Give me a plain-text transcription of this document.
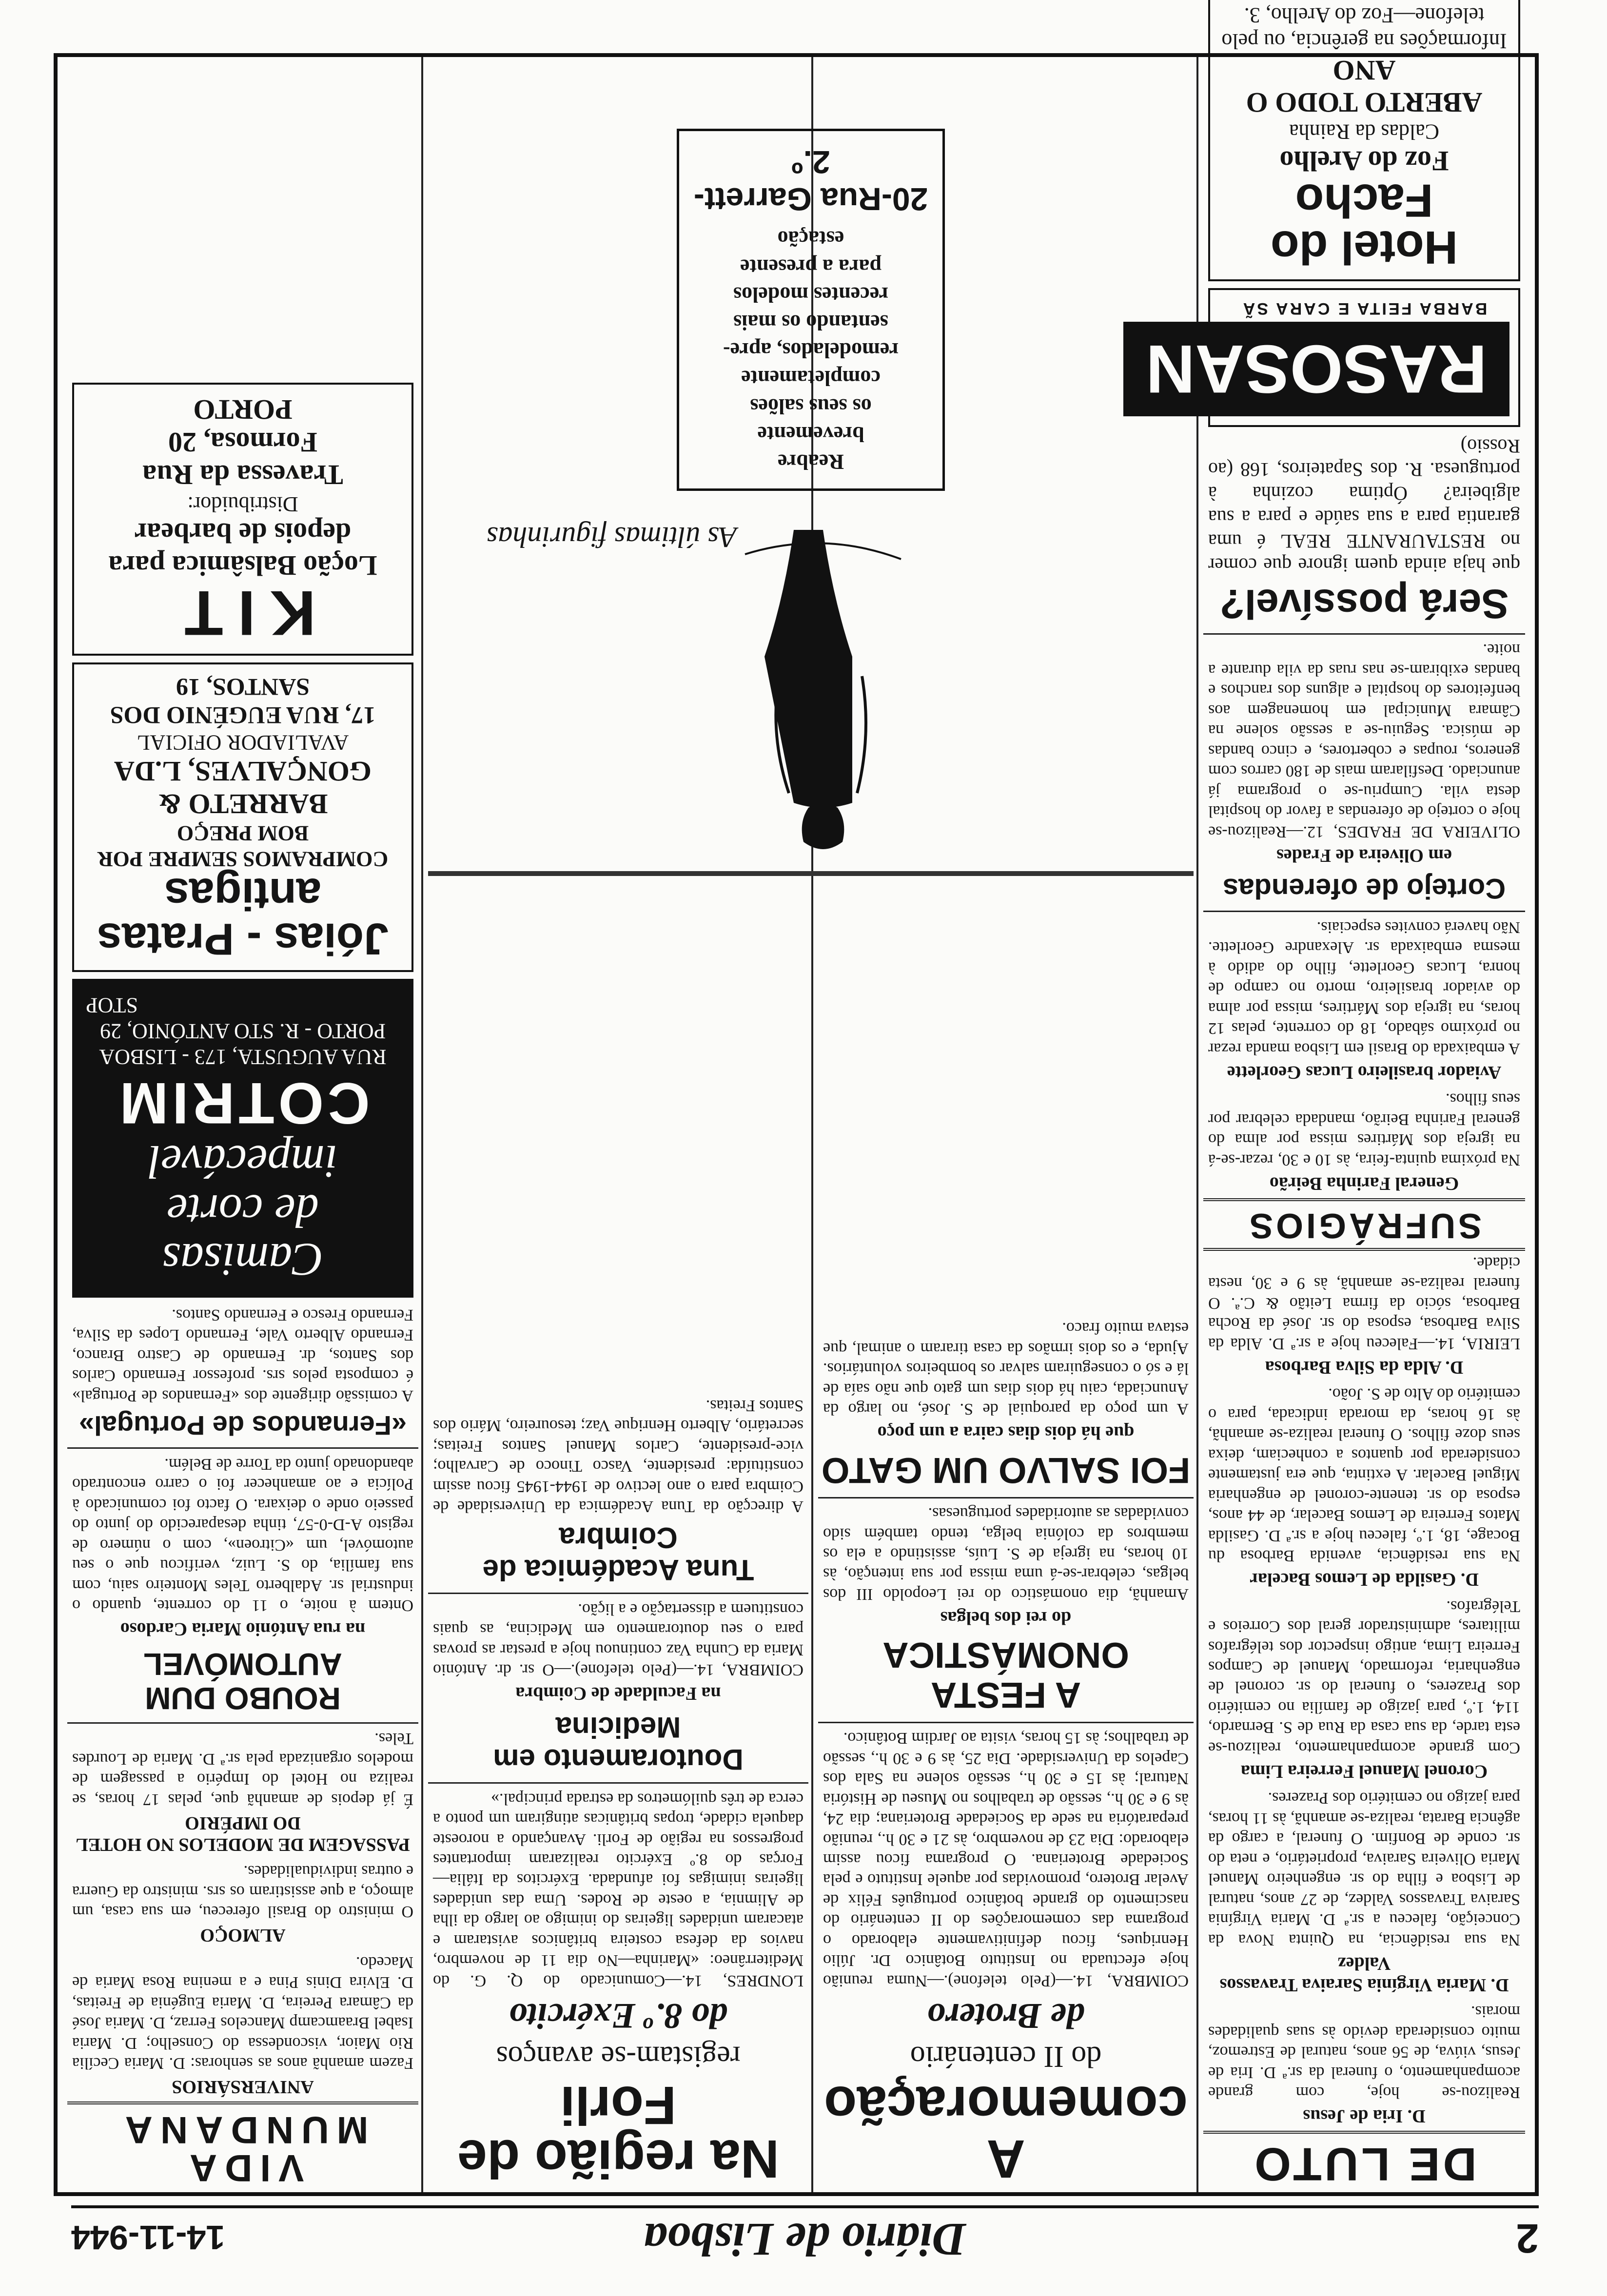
2
Diário de Lisboa
14-11-944
DE LUTO
D. Iria de Jesus

Realizou-se hoje, com grande acompanhamento, o funeral da sr.ª D. Iria de Jesus, viúva, de 56 anos, natural de Estremoz, muito considerada devido às suas qualidades morais.

D. Maria Virgínia Saraiva Travassos Valdez

Na sua residência, na Quinta Nova da Conceição, faleceu a sr.ª D. Maria Virgínia Saraiva Travassos Valdez, de 27 anos, natural de Lisboa e filha do sr. engenheiro Manuel Maria Oliveira Saraiva, proprietário, e neta do sr. conde de Bonfim. O funeral, a cargo da agência Barata, realiza-se amanhã, às 11 horas, para jazigo no cemitério dos Prazeres.

Coronel Manuel Ferreira Lima

Com grande acompanhamento, realizou-se esta tarde, da sua casa da Rua de S. Bernardo, 114, 1.º, para jazigo de família no cemitério dos Prazeres, o funeral do sr. coronel de engenharia, reformado, Manuel de Campos Ferreira Lima, antigo inspector dos telégrafos militares, administrador geral dos Correios e Telégrafos.

D. Gasilda de Lemos Bacelar

Na sua residência, avenida Barbosa du Bocage, 18, 1.º, faleceu hoje a sr.ª D. Gasilda Matos Ferreira de Lemos Bacelar, de 44 anos, esposa do sr. tenente-coronel de engenharia Miguel Bacelar. A extinta, que era justamente considerada por quantos a conheciam, deixa seus doze filhos. O funeral realiza-se amanhã, às 16 horas, da morada indicada, para o cemitério do Alto de S. João.

D. Alda da Silva Barbosa

LEIRIA, 14.—Faleceu hoje a sr.ª D. Alda da Silva Barbosa, esposa do sr. José da Rocha Barbosa, sócio da firma Leitão & C.ª. O funeral realiza-se amanhã, às 9 e 30, nesta cidade.

SUFRÁGIOS
General Farinha Beirão

Na próxima quinta-feira, às 10 e 30, rezar-se-á na igreja dos Mártires missa por alma do general Farinha Beirão, mandada celebrar por seus filhos.

Aviador brasileiro Lucas Georlette

A embaixada do Brasil em Lisboa manda rezar no próximo sábado, 18 do corrente, pelas 12 horas, na igreja dos Mártires, missa por alma do aviador brasileiro, morto no campo de honra, Lucas Georlette, filho do adido à mesma embaixada sr. Alexandre Georlette. Não haverá convites especiais.

Cortejo de oferendas
em Oliveira de Frades

OLIVEIRA DE FRADES, 12.—Realizou-se hoje o cortejo de oferendas a favor do hospital desta vila. Cumpriu-se o programa já anunciado. Desfilaram mais de 180 carros com generos, roupas e cobertores, e cinco bandas de música. Seguiu-se a sessão solene na Câmara Municipal em homenagem aos benfeitores do hospital e alguns dos ranchos e bandas exibiram-se nas ruas da vila durante a noite.

Será possível?

que haja ainda quem ignore que comer no RESTAURANTE REAL é uma garantia para a sua saúde e para a sua algibeira? Óptima cozinha à portuguesa. R. dos Sapateiros, 168 (ao Rossio)

RASOSAN
BARBA FEITA E CARA SÃ
Hotel do Facho
Foz do Arelho
Caldas da Rainha
ABERTO TODO O ANO
Informações na gerência, ou pelo telefone—Foz do Arelho, 3.
A comemoração
do II centenário
de Brotero

COIMBRA, 14.—(Pelo telefone).—Numa reunião hoje efectuada no Instituto Botânico Dr. Júlio Henriques, ficou definitivamente elaborado o programa das comemorações do II centenário do nascimento do grande botânico português Félix de Avelar Brotero, promovidas por aquele Instituto e pela Sociedade Broteriana. O programa ficou assim elaborado: Dia 23 de novembro, às 21 e 30 h., reunião preparatória na sede da Sociedade Broteriana; dia 24, às 9 e 30 h., sessão de trabalhos no Museu de História Natural; às 15 e 30 h., sessão solene na Sala dos Capelos da Universidade. Dia 25, às 9 e 30 h., sessão de trabalhos; às 15 horas, visita ao Jardim Botânico.

A FESTA ONOMÁSTICA
do rei dos belgas

Amanhã, dia onomástico do rei Leopoldo III dos belgas, celebrar-se-á uma missa por sua intenção, às 10 horas, na igreja de S. Luís, assistindo a ela os membros da colónia belga, tendo também sido convidadas as autoridades portuguesas.

FOI SALVO UM GATO
que há dois dias caira a um poço

A um poço da paroquial de S. José, no largo da Anunciada, caiu há dois dias um gato que não saía de lá e só o conseguiram salvar os bombeiros voluntários. Ajuda, e os dois irmãos da casa tiraram o animal, que estava muito fraco.

Na região de Forli
registam-se avanços
do 8.º Exército

LONDRES, 14.—Comunicado do Q. G. do Mediterrâneo: «Marinha—No dia 11 de novembro, navios da defesa costeira britânicos avistaram e atacaram unidades ligeiras do inimigo ao largo da ilha de Alimnia, a oeste de Rodes. Uma das unidades ligeiras inimigas foi afundada. Exércitos da Itália—Forças do 8.º Exército realizaram importantes progressos na região de Forli. Avançando a noroeste daquela cidade, tropas britânicas atingiram um ponto a cerca de três quilómetros da estrada principal.»

Doutoramento em Medicina
na Faculdade de Coimbra

COIMBRA, 14.—(Pelo telefone).—O sr. dr. António Maria da Cunha Vaz continuou hoje a prestar as provas para o seu doutoramento em Medicina, as quais constituem a dissertação e a lição.

Tuna Académica de Coimbra

A direcção da Tuna Académica da Universidade de Coimbra para o ano lectivo de 1944-1945 ficou assim constituída: presidente, Vasco Tinoco de Carvalho; vice-presidente, Carlos Manuel Santos Freitas; secretário, Alberto Henrique Vaz; tesoureiro, Mário dos Santos Freitas.

As últimas figurinhas
Reabre
brevemente
os seus salões
completamente
remodelados, apre-
sentando os mais
recentes modelos
para a presente
estação
20-Rua Garrett-2.º
VIDA MUNDANA
ANIVERSÁRIOS

Fazem amanhã anos as senhoras: D. Maria Cecília Rio Maior, viscondessa do Conselho; D. Maria Isabel Braamcamp Mancelos Ferraz, D. Maria José da Câmara Pereira, D. Maria Eugénia de Freitas, D. Elvira Dinis Pina e a menina Rosa Maria de Macedo.

ALMOÇO

O ministro do Brasil ofereceu, em sua casa, um almoço, a que assistiram os srs. ministro da Guerra e outras individualidades.

PASSAGEM DE MODELOS NO HOTEL DO IMPÉRIO

É já depois de amanhã que, pelas 17 horas, se realiza no Hotel do Império a passagem de modelos organizada pela sr.ª D. Maria de Lourdes Teles.

ROUBO DUM AUTOMÓVEL
na rua António Maria Cardoso

Ontem à noite, o 11 do corrente, quando o industrial sr. Adalberto Teles Monteiro saiu, com sua família, do S. Luiz, verificou que o seu automóvel, um «Citroen», com o número de registo A-D-0-57, tinha desaparecido do junto do passeio onde o deixara. O facto foi comunicado à Polícia e ao amanhecer foi o carro encontrado abandonado junto da Torre de Belém.

«Fernandos de Portugal»

A comissão dirigente dos «Fernandos de Portugal» é composta pelos srs. professor Fernando Carlos dos Santos, dr. Fernando de Castro Branco, Fernando Alberto Vale, Fernando Lopes da Silva, Fernando Fresco e Fernando Santos.

Camisas
de corte
impecável
COTRIM
RUA AUGUSTA, 173 - LISBOA
PORTO - R. STO ANTÓNIO, 29
STOP
Jóias - Pratas antigas
COMPRAMOS SEMPRE POR BOM PREÇO
BARRETO & GONÇALVES, L.DA
AVALIADOR OFICIAL
17, RUA EUGÉNIO DOS SANTOS, 19
KIT
Loção Balsâmica para depois de barbear
Distribuidor:
Travessa da Rua Formosa, 20
PORTO
